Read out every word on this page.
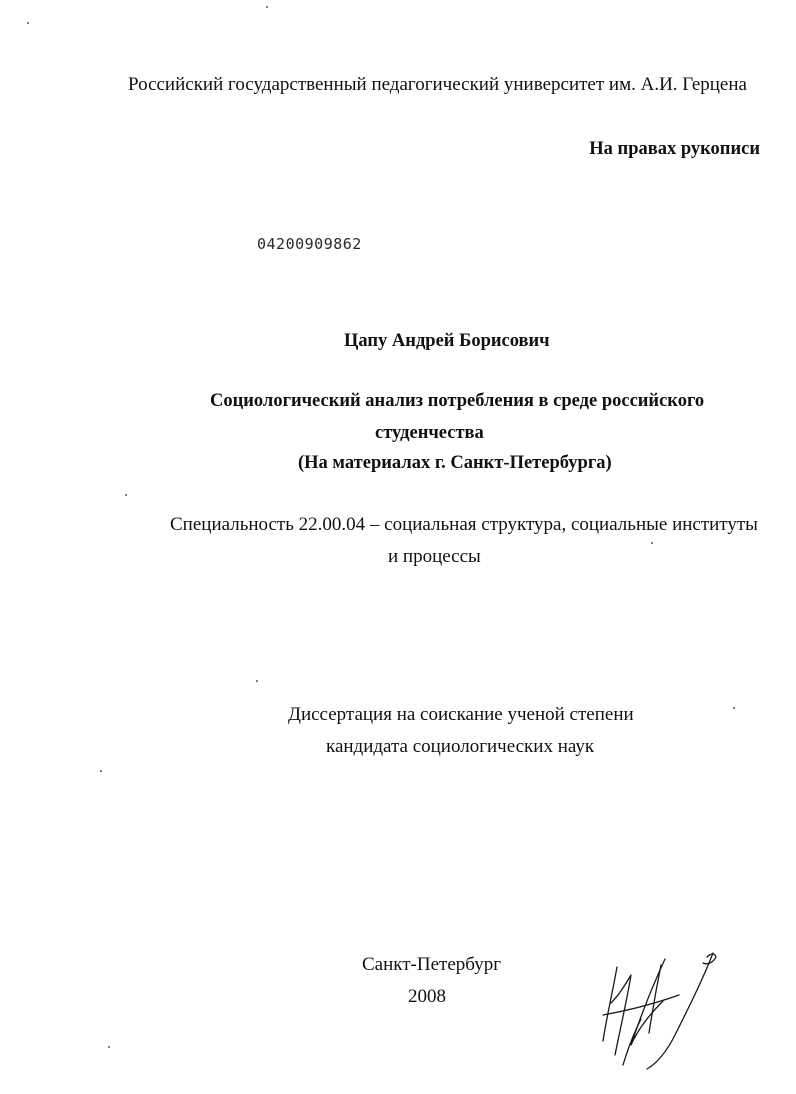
Российский государственный педагогический университет им. А.И. Герцена
На правах рукописи
04200909862
Цапу Андрей Борисович
Социологический анализ потребления в среде российского
студенчества
(На материалах г. Санкт-Петербурга)
Специальность 22.00.04 – социальная структура, социальные институты
и процессы
Диссертация на соискание ученой степени
кандидата социологических наук
Санкт-Петербург
2008
